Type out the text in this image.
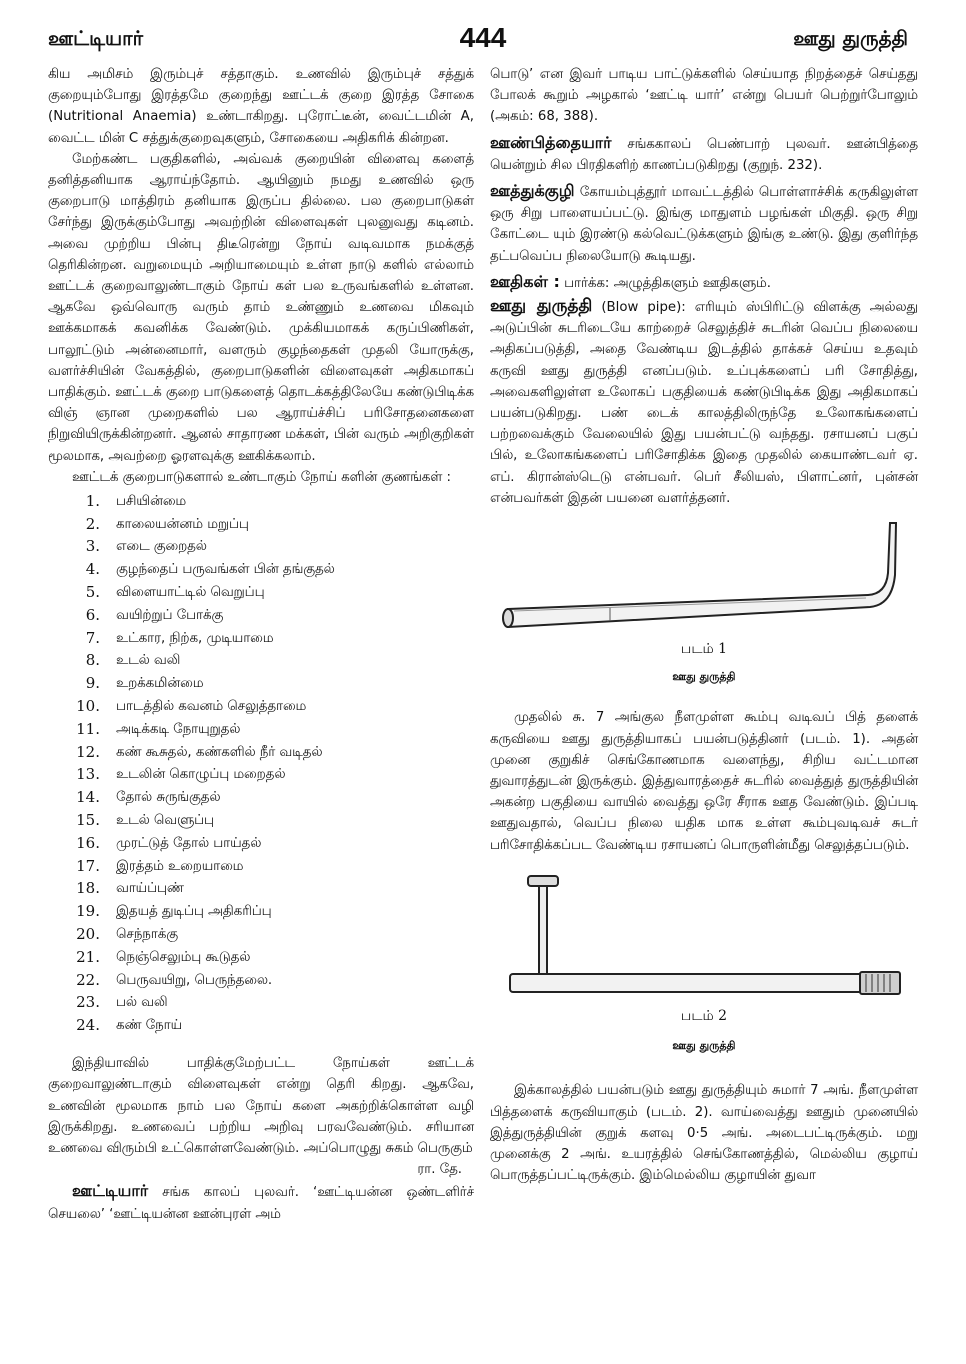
ஊட்டியார்	444	ஊது துருத்தி

கிய அமிசம் இரும்புச் சத்தாகும். உணவில் இரும்புச் சத்துக் குறையும்போது இரத்தமே குறைந்து ஊட்டக் குறை இரத்த சோகை (Nutritional Anaemia) உண்டாகிறது. புரோட்டீன், வைட்டமின் A, வைட்ட மின் C சத்துக்குறைவுகளும், சோகையை அதிகரிக் கின்றன.

மேற்கண்ட பகுதிகளில், அவ்வக் குறையின் விளைவு களைத் தனித்தனியாக ஆராய்ந்தோம். ஆயினும் நமது உணவில் ஒரு குறைபாடு மாத்திரம் தனியாக இருப்ப தில்லை. பல குறைபாடுகள் சேர்ந்து இருக்கும்போது அவற்றின் விளைவுகள் புலனுவது கடினம். அவை முற்றிய பின்பு திடீரென்று நோய் வடிவமாக நமக்குத் தெரிகின்றன. வறுமையும் அறியாமையும் உள்ள நாடு களில் எல்லாம் ஊட்டக் குறைவாலுண்டாகும் நோய் கள் பல உருவங்களில் உள்ளன. ஆகவே ஒவ்வொரு வரும் தாம் உண்ணும் உணவை மிகவும் ஊக்கமாகக் கவனிக்க வேண்டும். முக்கியமாகக் கருப்பிணிகள், பாலூட்டும் அன்னைமார், வளரும் குழந்தைகள் முதலி யோருக்கு, வளர்ச்சியின் வேகத்தில், குறைபாடுகளின் விளைவுகள் அதிகமாகப் பாதிக்கும். ஊட்டக் குறை பாடுகளைத் தொடக்கத்திலேயே கண்டுபிடிக்க விஞ் ஞான முறைகளில் பல ஆராய்ச்சிப் பரிசோதனைகளை நிறுவியிருக்கின்றனர். ஆனல் சாதாரண மக்கள், பின் வரும் அறிகுறிகள் மூலமாக, அவற்றை ஓரளவுக்கு ஊகிக்கலாம்.

ஊட்டக் குறைபாடுகளால் உண்டாகும் நோய் களின் குணங்கள் :

1.	பசியின்மை
2.	காலையன்னம் மறுப்பு
3.	எடை குறைதல்
4.	குழந்தைப் பருவங்கள் பின் தங்குதல்
5.	விளையாட்டில் வெறுப்பு
6.	வயிற்றுப் போக்கு
7.	உட்கார, நிற்க, முடியாமை
8.	உடல் வலி
9.	உறக்கமின்மை
10.	பாடத்தில் கவனம் செலுத்தாமை
11.	அடிக்கடி நோயுறுதல்
12.	கண் கூசுதல், கண்களில் நீர் வடிதல்
13.	உடலின் கொழுப்பு மறைதல்
14.	தோல் சுருங்குதல்
15.	உடல் வெளுப்பு
16.	முரட்டுத் தோல் பாய்தல்
17.	இரத்தம் உறையாமை
18.	வாய்ப்புண்
19.	இதயத் துடிப்பு அதிகரிப்பு
20.	செந்நாக்கு
21.	நெஞ்செலும்பு கூடுதல்
22.	பெருவயிறு, பெருந்தலை.
23.	பல் வலி
24.	கண் நோய்

இந்தியாவில் பாதிக்குமேற்பட்ட நோய்கள் ஊட்டக் குறைவாலுண்டாகும் விளைவுகள் என்று தெரி கிறது. ஆகவே, உணவின் மூலமாக நாம் பல நோய் களை அகற்றிக்கொள்ள வழி இருக்கிறது. உணவைப் பற்றிய அறிவு பரவவேண்டும். சரியான உணவை விரும்பி உட்கொள்ளவேண்டும். அப்பொழுது சுகம் பெருகும்

ரா. தே.

ஊட்டியார் சங்க காலப் புலவர். ‘ஊட்டியன்ன ஒண்டளிர்ச் செயலை’ ‘ஊட்டியன்ன ஊன்புரள் அம்

பொடு’ என இவர் பாடிய பாட்டுக்களில் செய்யாத நிறத்தைச் செய்தது போலக் கூறும் அழகால் ‘ஊட்டி யார்’ என்று பெயர் பெற்றுர்போலும் (அகம்: 68, 388).

ஊண்பித்தையார் சங்ககாலப் பெண்பாற் புலவர். ஊன்பித்தை யென்றும் சில பிரதிகளிற் காணப்படுகிறது (குறுந். 232).

ஊத்துக்குழி கோயம்புத்தூர் மாவட்டத்தில் பொள்ளாச்சிக் கருகிலுள்ள ஒரு சிறு பாளையப்பட்டு. இங்கு மாதுளம் பழங்கள் மிகுதி. ஒரு சிறு கோட்டை யும் இரண்டு கல்வெட்டுக்களும் இங்கு உண்டு. இது குளிர்ந்த தட்பவெப்ப நிலையோடு கூடியது.

ஊதிகள் : பார்க்க: அழுத்திகளும் ஊதிகளும்.

ஊது துருத்தி (Blow pipe): எரியும் ஸ்பிரிட்டு விளக்கு அல்லது அடுப்பின் சுடரிடையே காற்றைச் செலுத்திச் சுடரின் வெப்ப நிலையை அதிகப்படுத்தி, அதை வேண்டிய இடத்தில் தாக்கச் செய்ய உதவும் கருவி ஊது துருத்தி எனப்படும். உப்புக்களைப் பரி சோதித்து, அவைகளிலுள்ள உலோகப் பகுதியைக் கண்டுபிடிக்க இது அதிகமாகப் பயன்படுகிறது. பண் டைக் காலத்திலிருந்தே உலோகங்களைப் பற்றவைக்கும் வேலையில் இது பயன்பட்டு வந்தது. ரசாயனப் பகுப் பில், உலோகங்களைப் பரிசோதிக்க இதை முதலில் கையாண்டவர் ஏ. எப். கிரான்ஸ்டெடு என்பவர். பெர் சீலியஸ், பிளாட்னர், புன்சன் என்பவர்கள் இதன் பயனை வளர்த்தனர்.

படம் 1
ஊது துருத்தி

முதலில் சு. 7 அங்குல நீளமுள்ள கூம்பு வடிவப் பித் தளைக் கருவியை ஊது துருத்தியாகப் பயன்படுத்தினர் (படம். 1). அதன் முனை குறுகிச் செங்கோணமாக வளைந்து, சிறிய வட்டமான துவாரத்துடன் இருக்கும். இத்துவாரத்தைச் சுடரில் வைத்துத் துருத்தியின் அகன்ற பகுதியை வாயில் வைத்து ஒரே சீராக ஊத வேண்டும். இப்படி ஊதுவதால், வெப்ப நிலை யதிக மாக உள்ள கூம்புவடிவச் சுடர் பரிசோதிக்கப்பட வேண்டிய ரசாயனப் பொருளின்மீது செலுத்தப்படும்.

படம் 2
ஊது துருத்தி

இக்காலத்தில் பயன்படும் ஊது துருத்தியும் சுமார் 7 அங். நீளமுள்ள பித்தளைக் கருவியாகும் (படம். 2). வாய்வைத்து ஊதும் முனையில் இத்துருத்தியின் குறுக் களவு 0·5 அங். அடைபட்டிருக்கும். மறு முனைக்கு 2 அங். உயரத்தில் செங்கோணத்தில், மெல்லிய குழாய் பொருத்தப்பட்டிருக்கும். இம்மெல்லிய குழாயின் துவா
